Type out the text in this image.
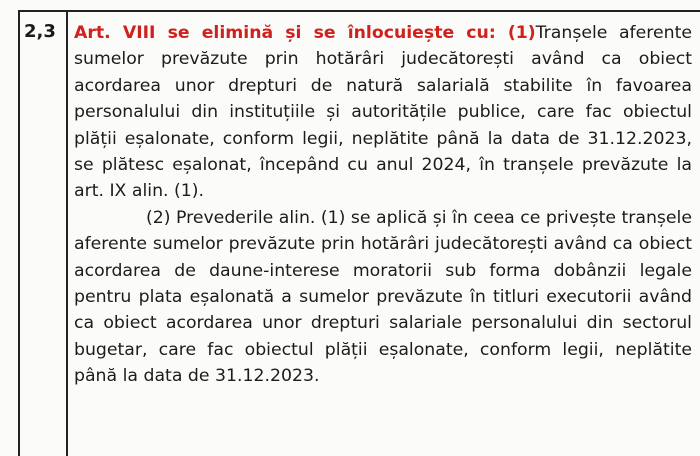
2,3 Art. VIII se elimină și se înlocuiește cu: (1)Tranșele aferente sumelor prevăzute prin hotărâri judecătorești având ca obiect acordarea unor drepturi de natură salarială stabilite în favoarea personalului din instituțiile și autoritățile publice, care fac obiectul plății eșalonate, conform legii, neplătite până la data de 31.12.2023, se plătesc eșalonat, începând cu anul 2024, în tranșele prevăzute la art. IX alin. (1).

(2) Prevederile alin. (1) se aplică și în ceea ce privește tranșele aferente sumelor prevăzute prin hotărâri judecătorești având ca obiect acordarea de daune-interese moratorii sub forma dobânzii legale pentru plata eșalonată a sumelor prevăzute în titluri executorii având ca obiect acordarea unor drepturi salariale personalului din sectorul bugetar, care fac obiectul plății eșalonate, conform legii, neplătite până la data de 31.12.2023.
